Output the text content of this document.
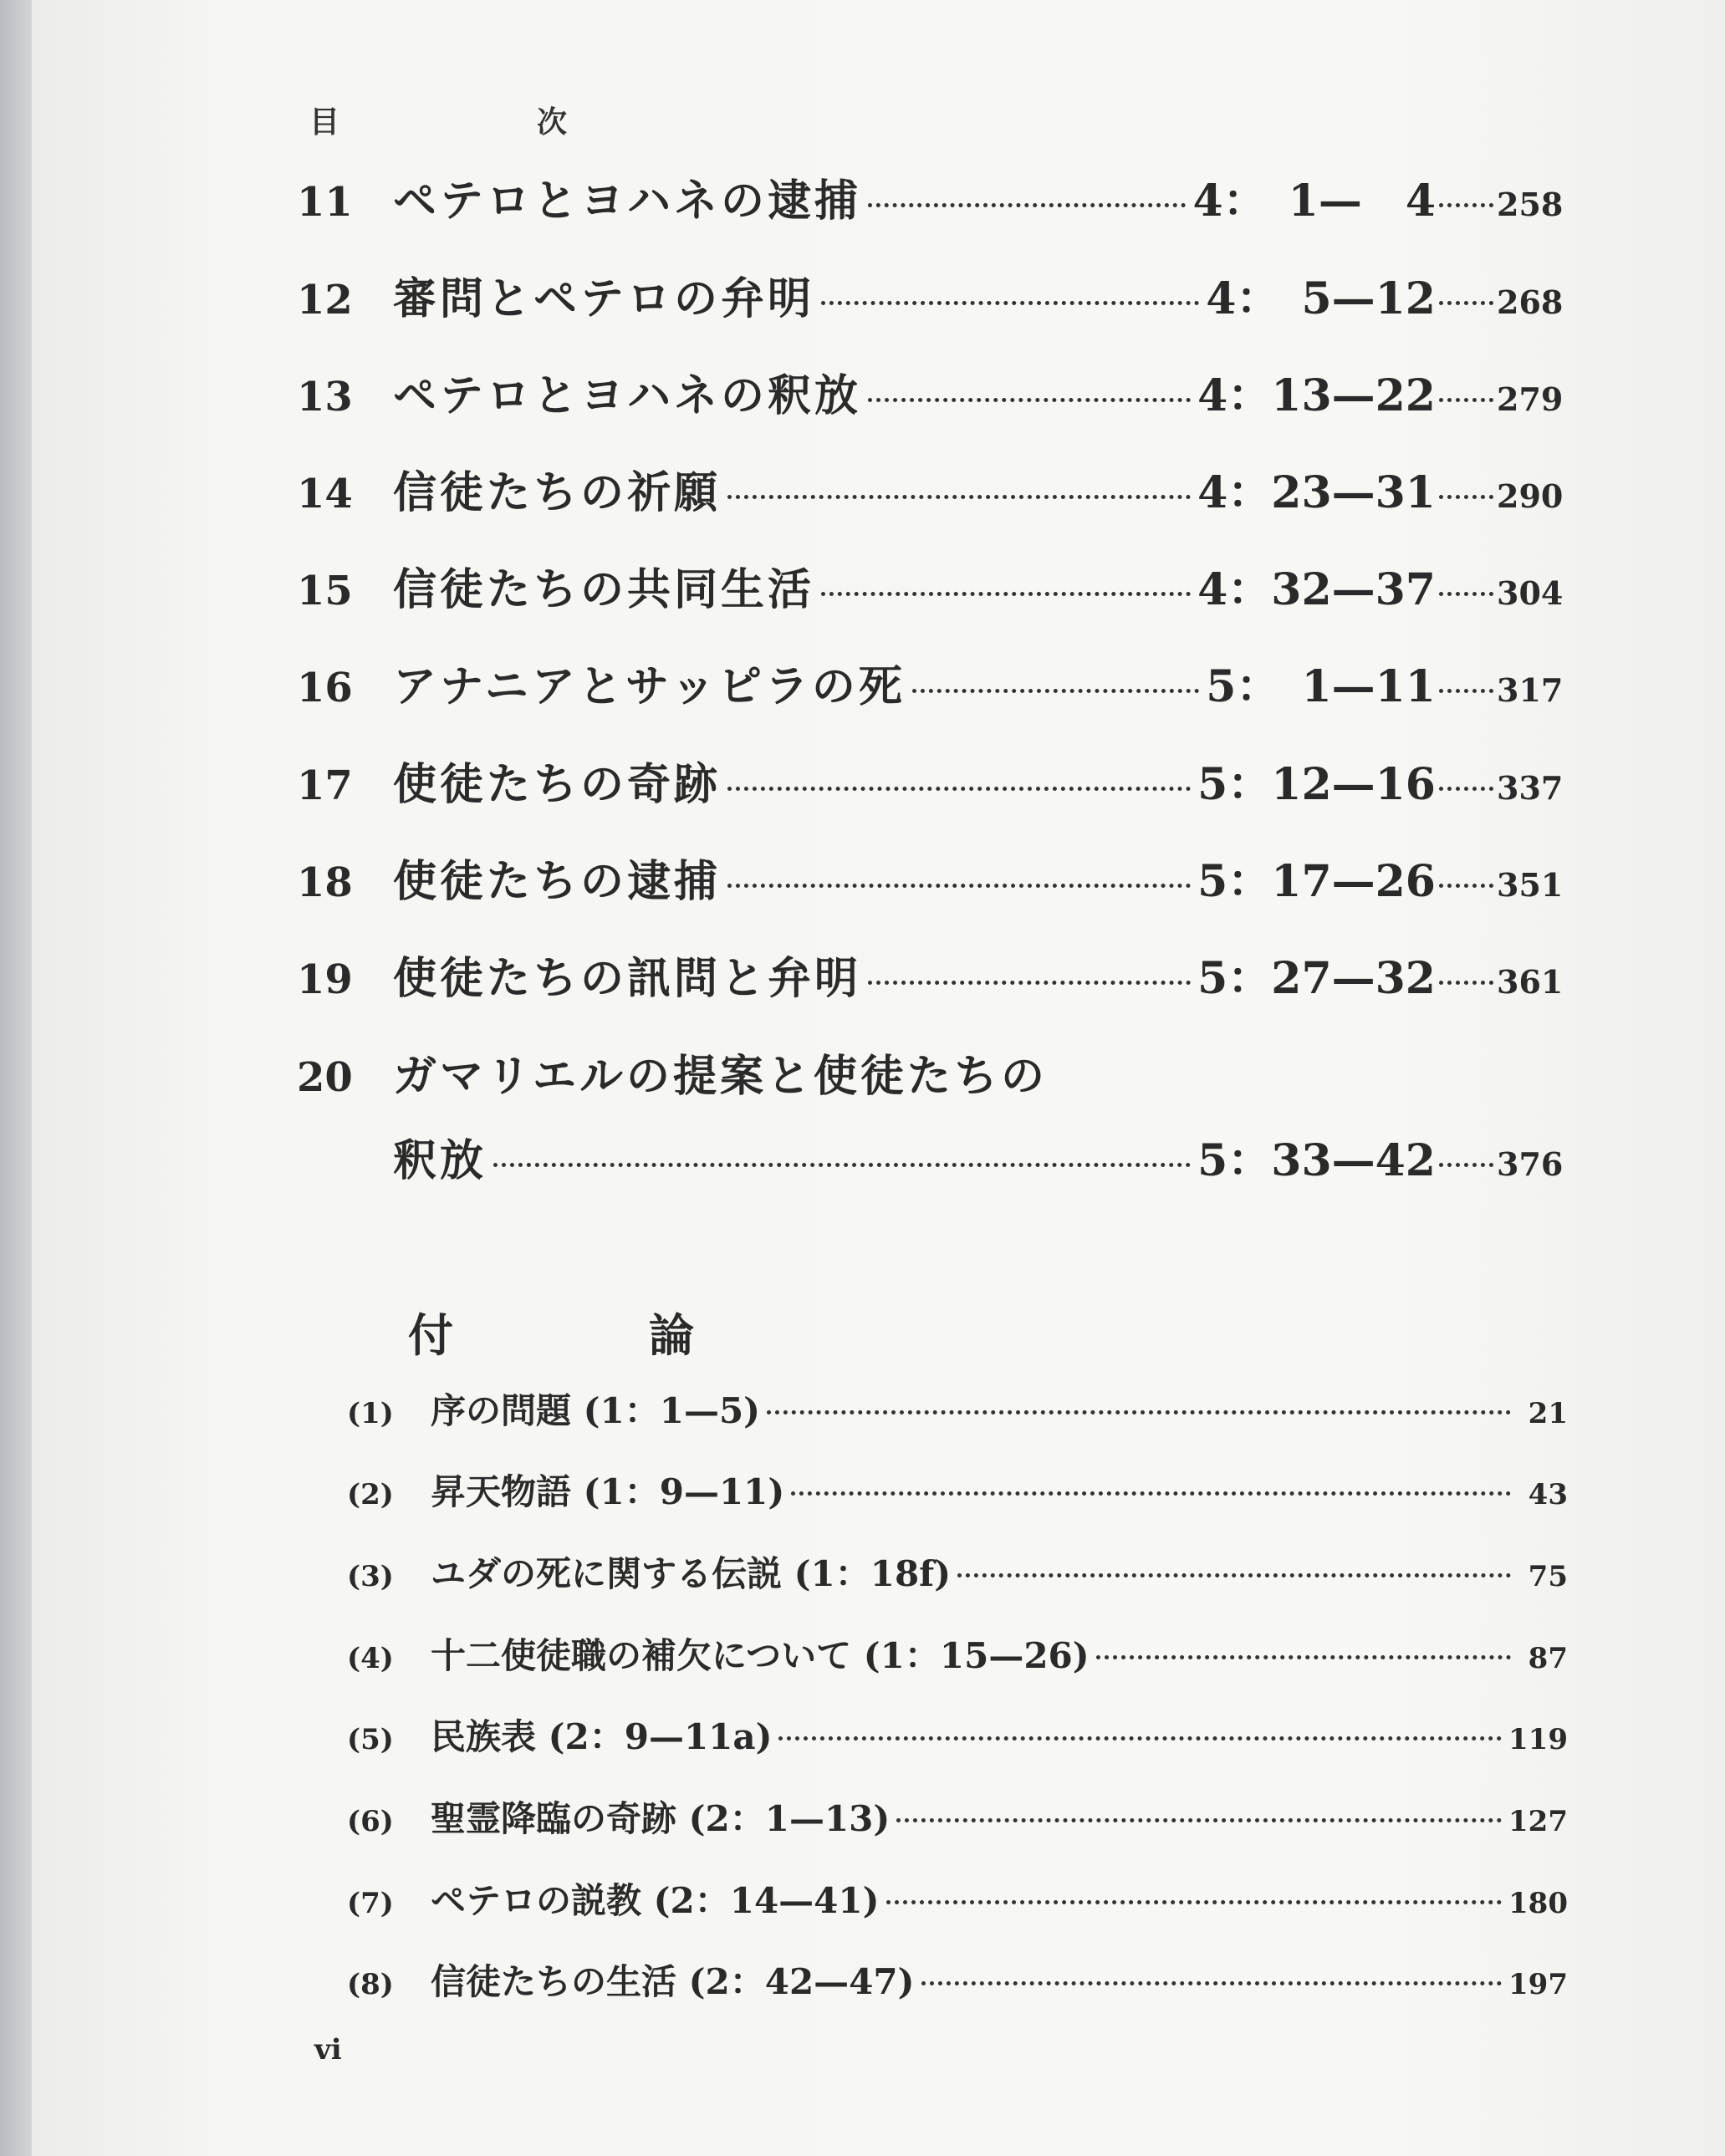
目　次
11 ペテロとヨハネの逮捕	4：　1—　4 258
12 審問とペテロの弁明	4：　5—12 268
13 ペテロとヨハネの釈放	4：13—22 279
14 信徒たちの祈願	4：23—31 290
15 信徒たちの共同生活	4：32—37 304
16 アナニアとサッピラの死	5：　1—11 317
17 使徒たちの奇跡	5：12—16 337
18 使徒たちの逮捕	5：17—26 351
19 使徒たちの訊問と弁明	5：27—32 361
20 ガマリエルの提案と使徒たちの
釈放	5：33—42 376
付　論
(1)	序の問題 (1：1—5)	21
(2)	昇天物語 (1：9—11)	43
(3)	ユダの死に関する伝説 (1：18f)	75
(4)	十二使徒職の補欠について (1：15—26)	87
(5)	民族表 (2：9—11a)	119
(6)	聖霊降臨の奇跡 (2：1—13)	127
(7)	ペテロの説教 (2：14—41)	180
(8)	信徒たちの生活 (2：42—47)	197
vi
